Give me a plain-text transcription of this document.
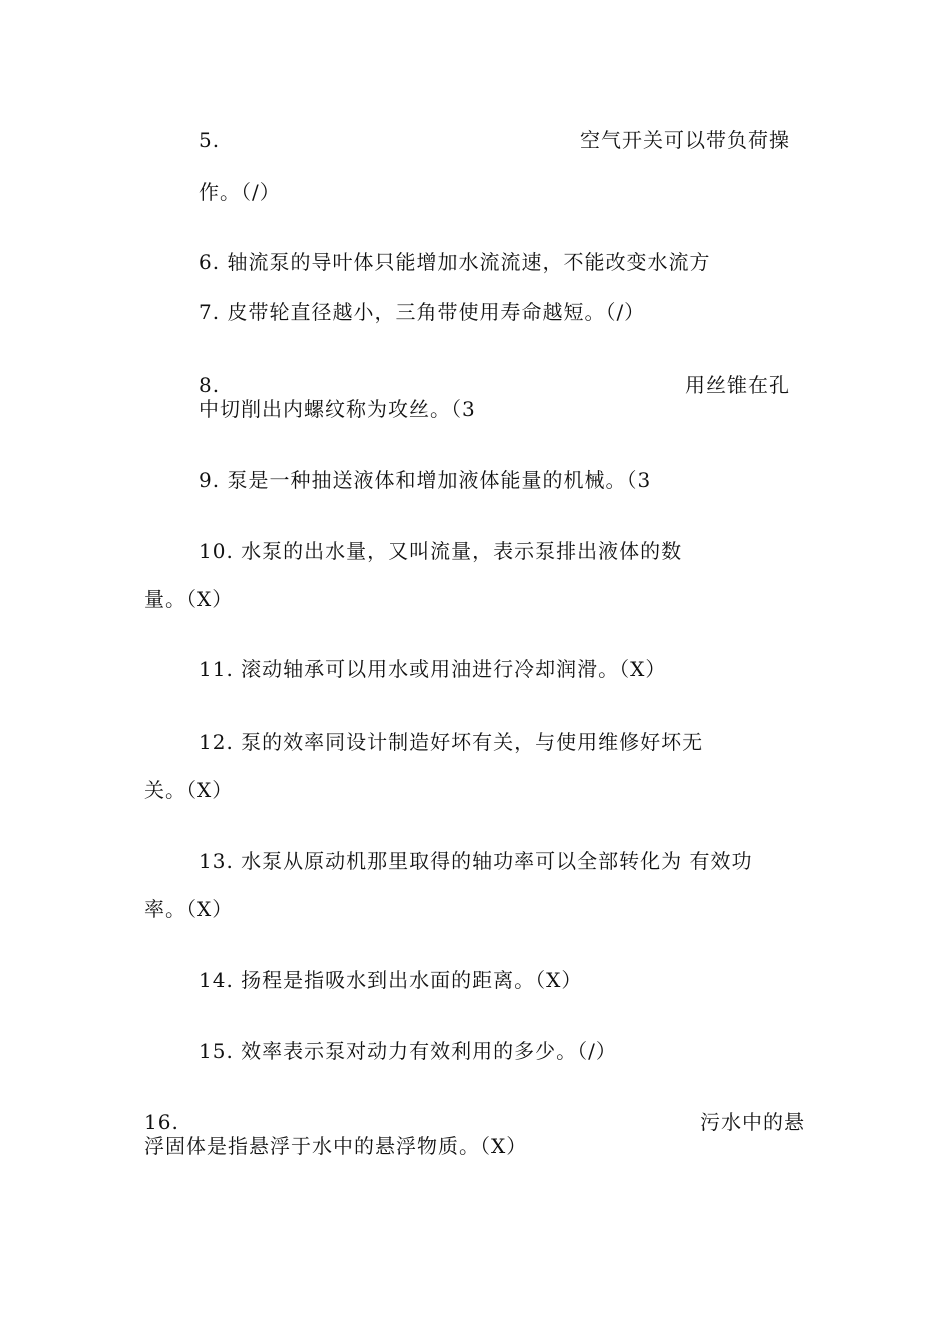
5.	空气开关可以带负荷操
作。（/）
6. 轴流泵的导叶体只能增加水流流速，不能改变水流方
7. 皮带轮直径越小，三角带使用寿命越短。（/）
8.	用丝锥在孔
中切削出内螺纹称为攻丝。（3
9. 泵是一种抽送液体和增加液体能量的机械。（3
10. 水泵的出水量，又叫流量，表示泵排出液体的数
量。（X）
11. 滚动轴承可以用水或用油进行冷却润滑。（X）
12. 泵的效率同设计制造好坏有关，与使用维修好坏无
关。（X）
13. 水泵从原动机那里取得的轴功率可以全部转化为 有效功
率。（X）
14. 扬程是指吸水到出水面的距离。（X）
15. 效率表示泵对动力有效利用的多少。（/）
16.	污水中的悬
浮固体是指悬浮于水中的悬浮物质。（X）
